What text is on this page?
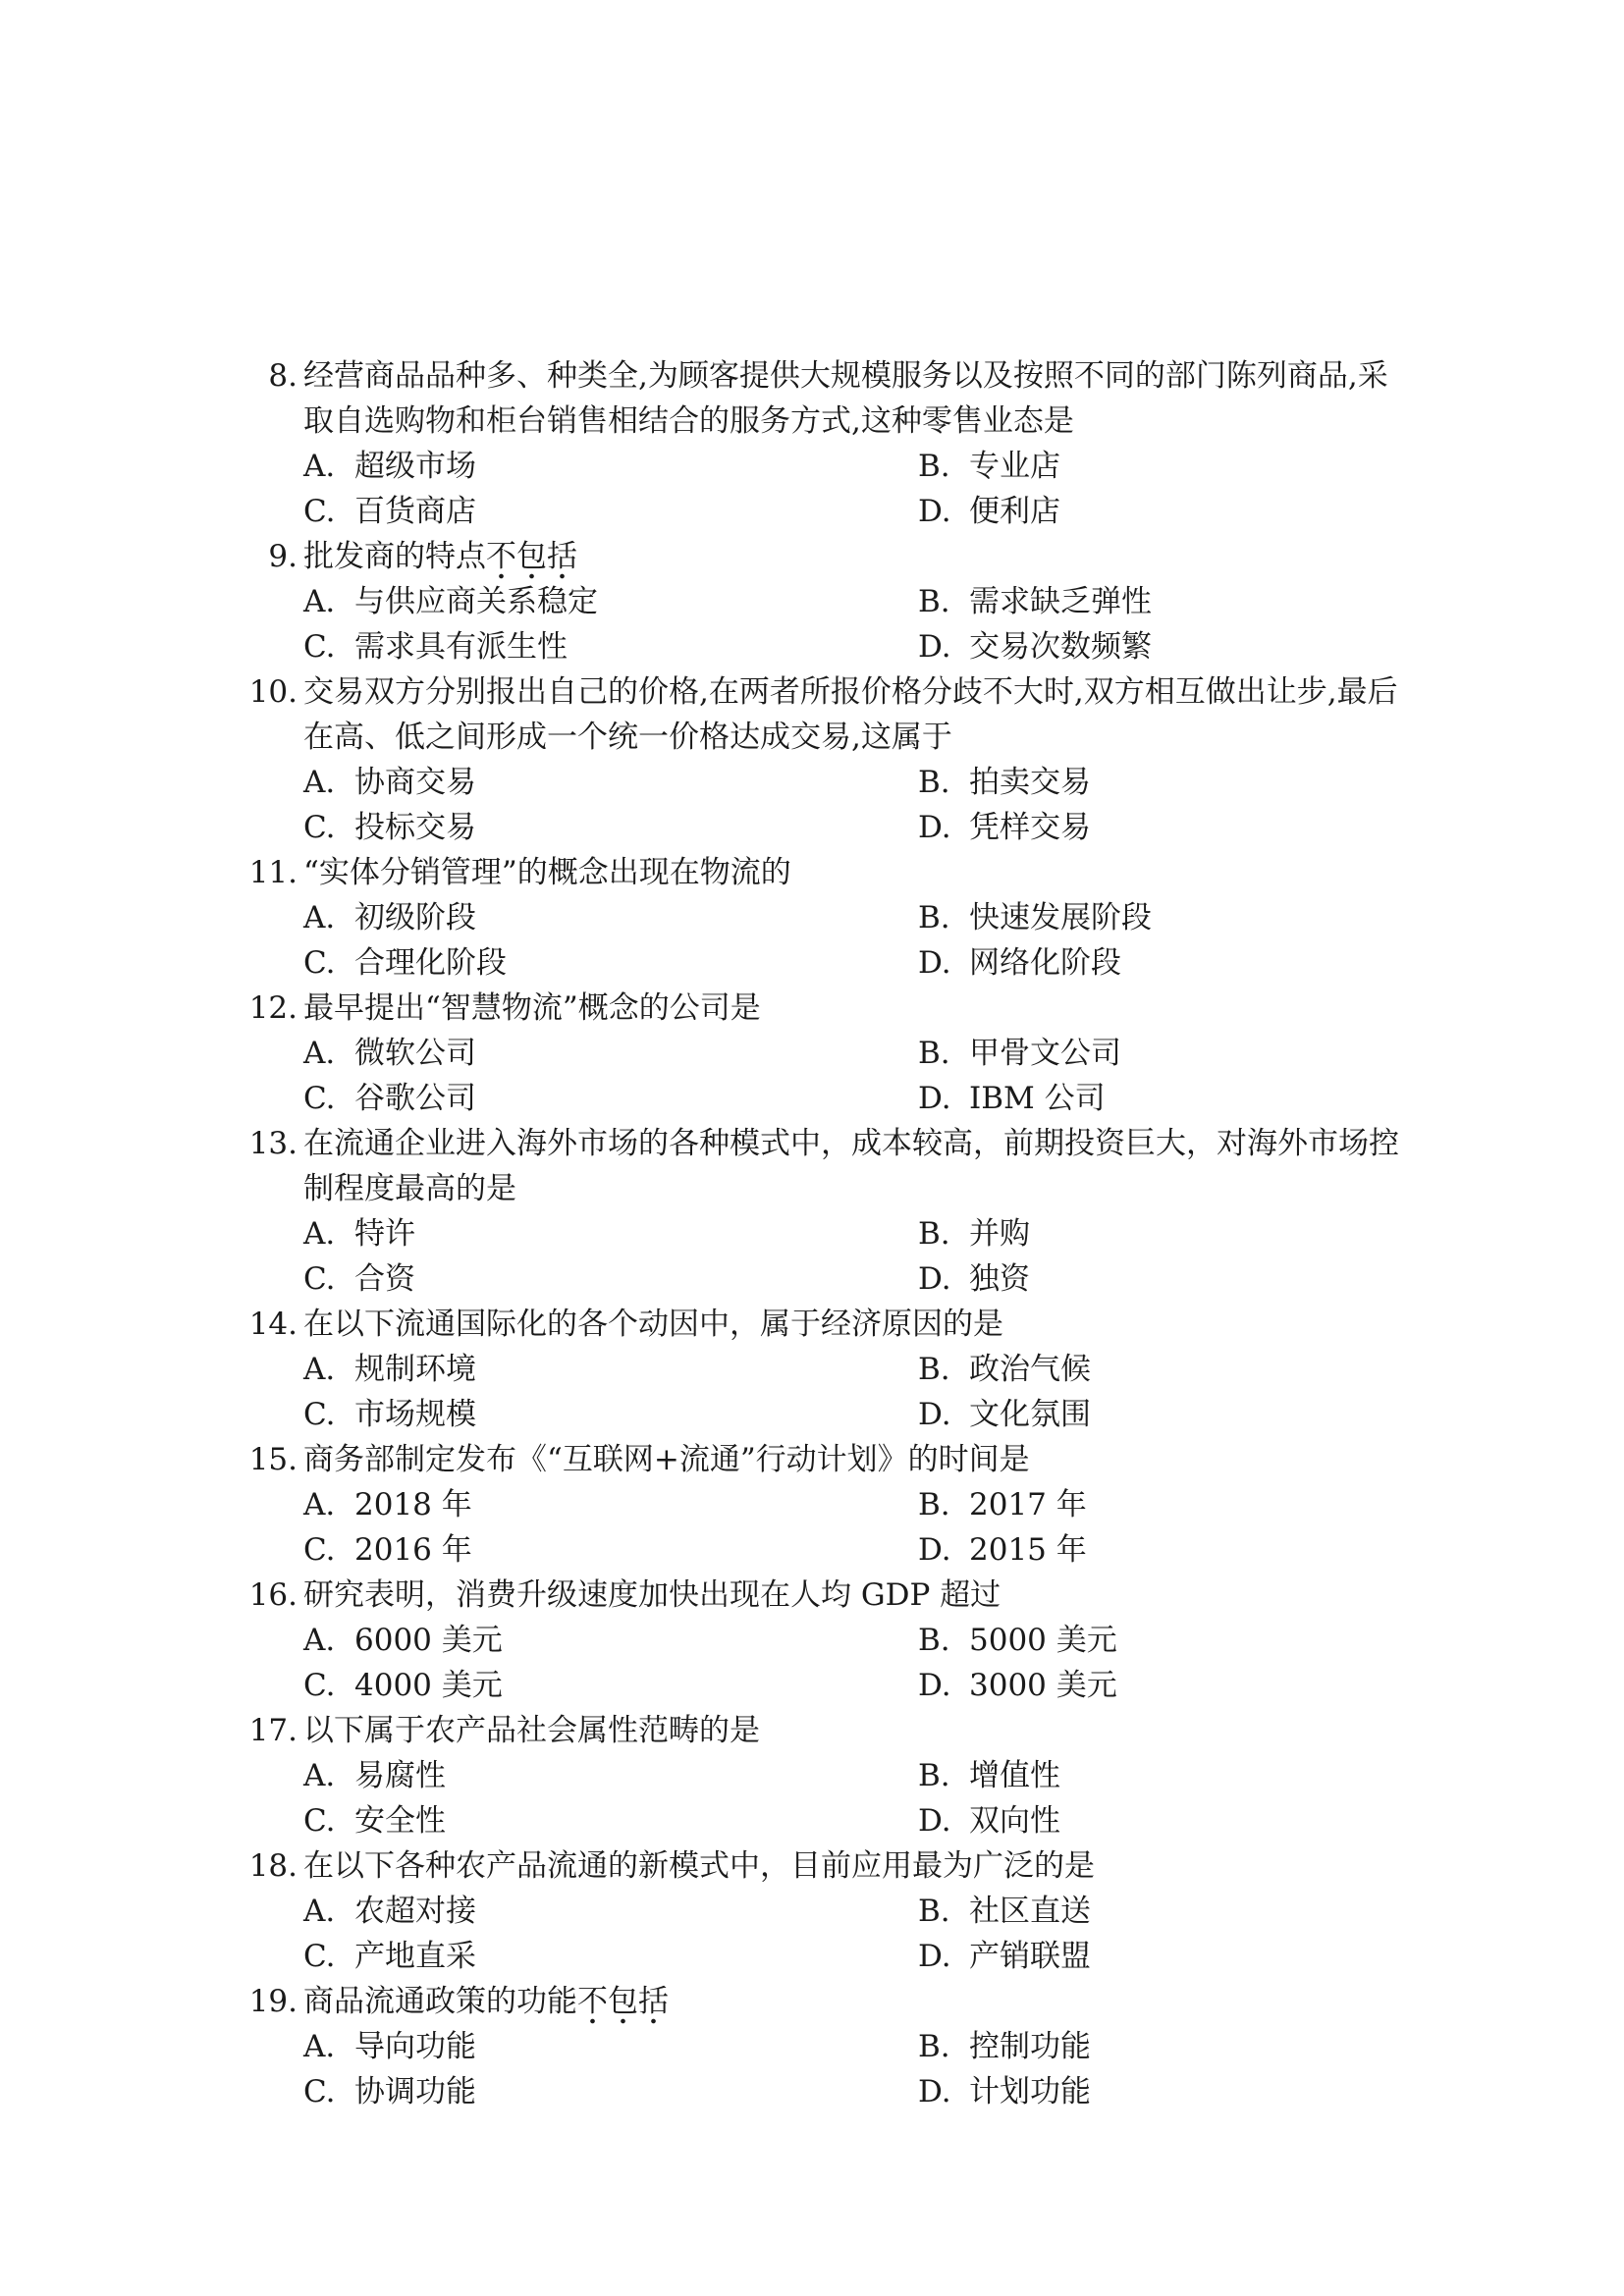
8. 经营商品品种多、种类全,为顾客提供大规模服务以及按照不同的部门陈列商品,采
取自选购物和柜台销售相结合的服务方式,这种零售业态是
A. 超级市场	B. 专业店
C. 百货商店	D. 便利店
9. 批发商的特点不包括
A. 与供应商关系稳定	B. 需求缺乏弹性
C. 需求具有派生性	D. 交易次数频繁
10. 交易双方分别报出自己的价格,在两者所报价格分歧不大时,双方相互做出让步,最后
在高、低之间形成一个统一价格达成交易,这属于
A. 协商交易	B. 拍卖交易
C. 投标交易	D. 凭样交易
11. “实体分销管理”的概念出现在物流的
A. 初级阶段	B. 快速发展阶段
C. 合理化阶段	D. 网络化阶段
12. 最早提出“智慧物流”概念的公司是
A. 微软公司	B. 甲骨文公司
C. 谷歌公司	D. IBM 公司
13. 在流通企业进入海外市场的各种模式中，成本较高，前期投资巨大，对海外市场控
制程度最高的是
A. 特许	B. 并购
C. 合资	D. 独资
14. 在以下流通国际化的各个动因中，属于经济原因的是
A. 规制环境	B. 政治气候
C. 市场规模	D. 文化氛围
15. 商务部制定发布《“互联网+流通”行动计划》的时间是
A. 2018 年	B. 2017 年
C. 2016 年	D. 2015 年
16. 研究表明，消费升级速度加快出现在人均 GDP 超过
A. 6000 美元	B. 5000 美元
C. 4000 美元	D. 3000 美元
17. 以下属于农产品社会属性范畴的是
A. 易腐性	B. 增值性
C. 安全性	D. 双向性
18. 在以下各种农产品流通的新模式中，目前应用最为广泛的是
A. 农超对接	B. 社区直送
C. 产地直采	D. 产销联盟
19. 商品流通政策的功能不包括
A. 导向功能	B. 控制功能
C. 协调功能	D. 计划功能
